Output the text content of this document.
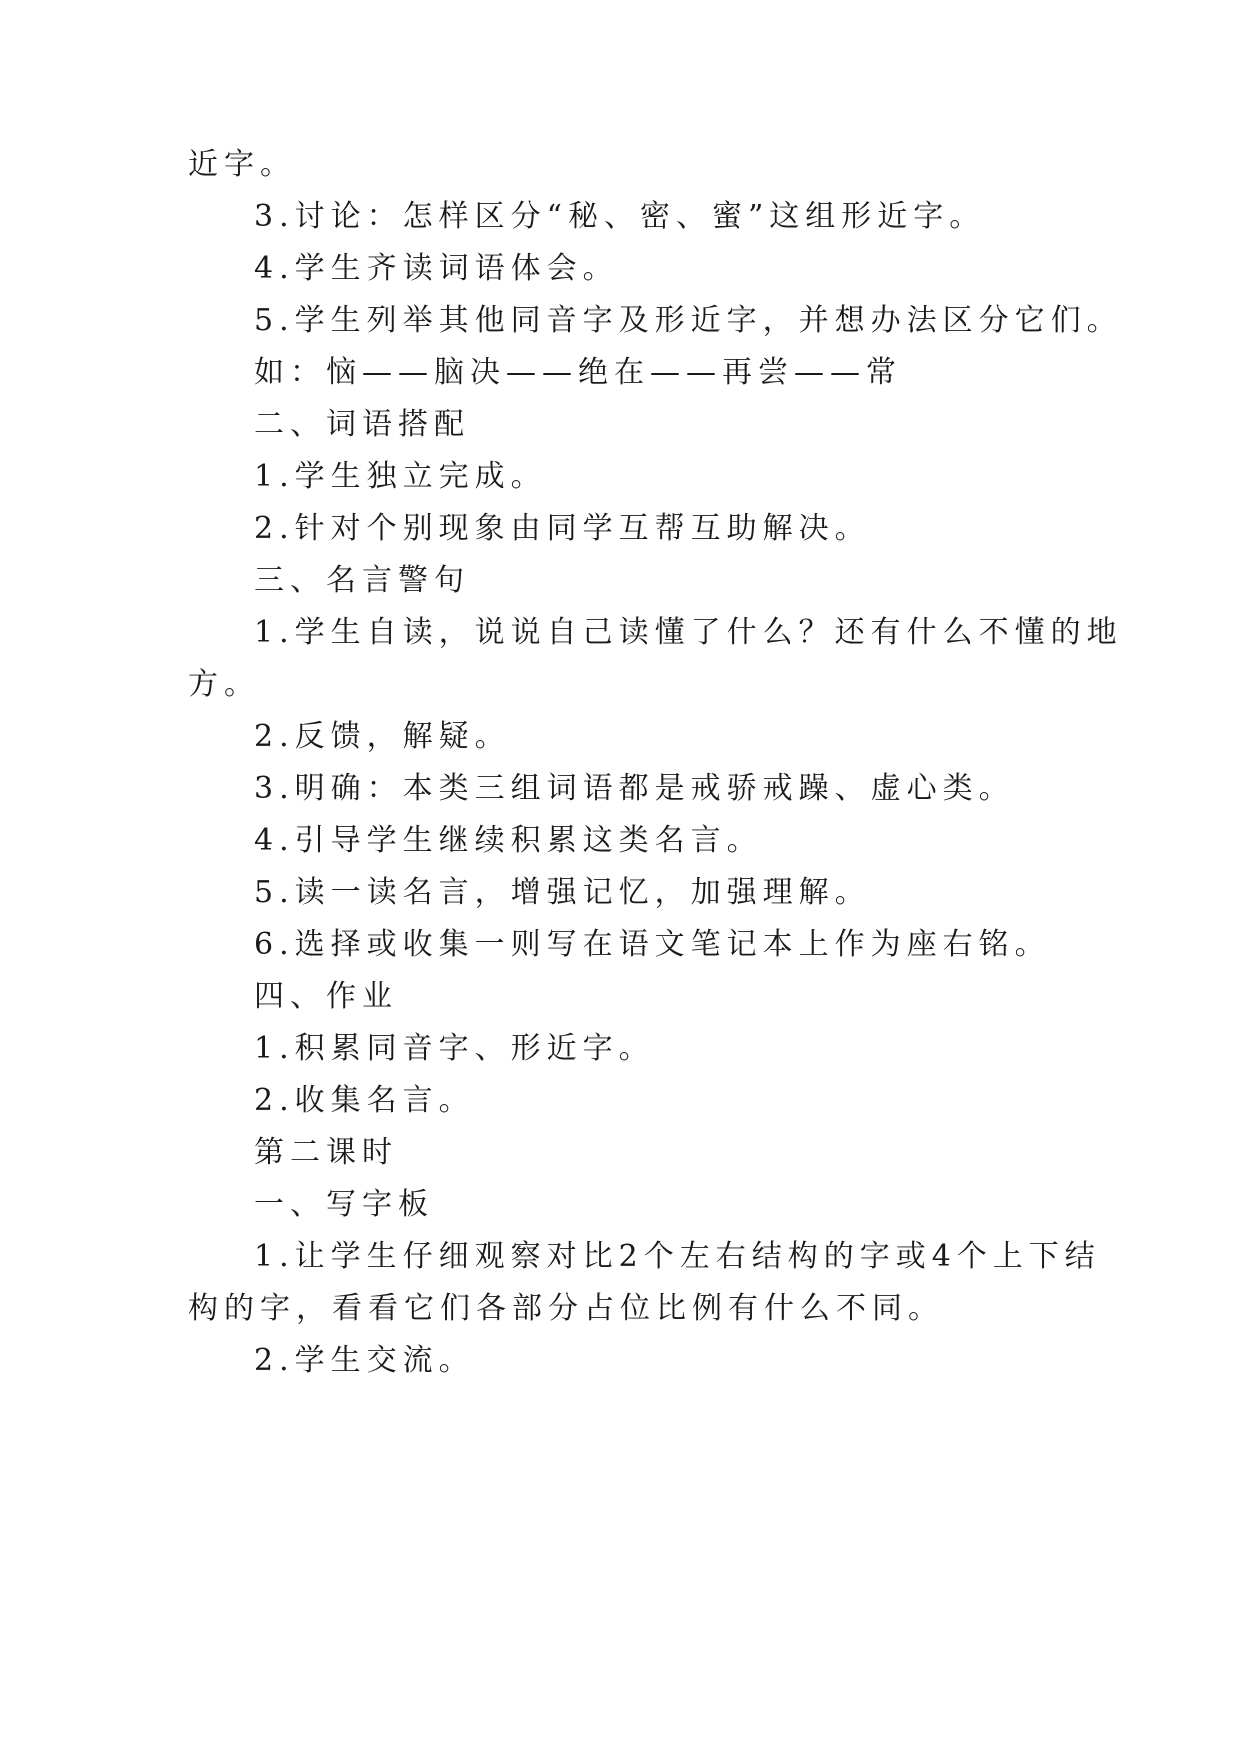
近字。
3.讨论：怎样区分“秘、密、蜜”这组形近字。
4.学生齐读词语体会。
5.学生列举其他同音字及形近字，并想办法区分它们。
如：恼——脑决——绝在——再尝——常
二、词语搭配
1.学生独立完成。
2.针对个别现象由同学互帮互助解决。
三、名言警句
1.学生自读，说说自己读懂了什么？还有什么不懂的地
方。
2.反馈，解疑。
3.明确：本类三组词语都是戒骄戒躁、虚心类。
4.引导学生继续积累这类名言。
5.读一读名言，增强记忆，加强理解。
6.选择或收集一则写在语文笔记本上作为座右铭。
四、作业
1.积累同音字、形近字。
2.收集名言。
第二课时
一、写字板
1.让学生仔细观察对比2个左右结构的字或4个上下结
构的字，看看它们各部分占位比例有什么不同。
2.学生交流。
